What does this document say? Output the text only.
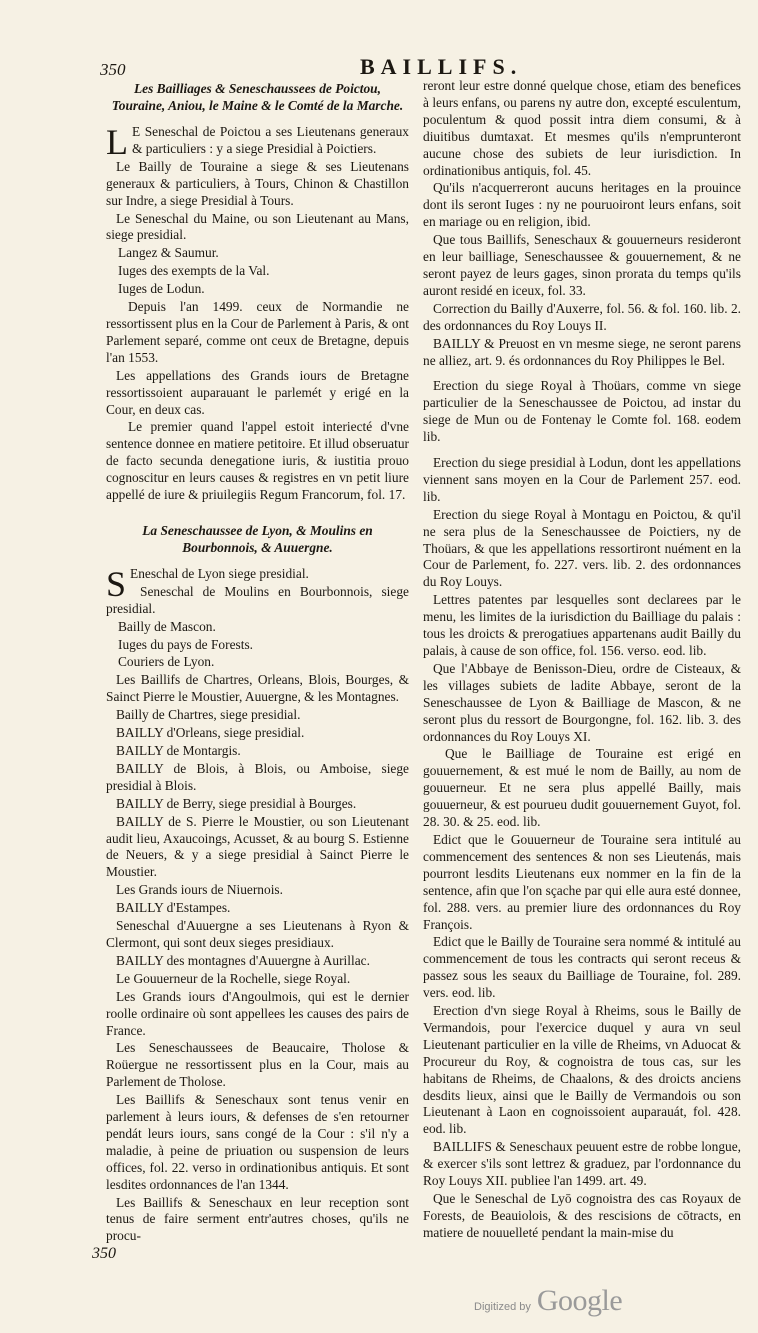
350	BAILLIFS.
Les Bailliages & Seneschaussees de Poictou, Touraine, Aniou, le Maine & le Comté de la Marche.

LE Seneschal de Poictou a ses Lieutenans generaux & particuliers : y a siege Presidial à Poictiers.

Le Bailly de Touraine a siege & ses Lieutenans generaux & particuliers, à Tours, Chinon & Chastillon sur Indre, a siege Presidial à Tours.

Le Seneschal du Maine, ou son Lieutenant au Mans, siege presidial.

Langez & Saumur.

Iuges des exempts de la Val.

Iuges de Lodun.

Depuis l'an 1499. ceux de Normandie ne ressortissent plus en la Cour de Parlement à Paris, & ont Parlement separé, comme ont ceux de Bretagne, depuis l'an 1553.

Les appellations des Grands iours de Bretagne ressortissoient auparauant le parlemét y erigé en la Cour, en deux cas.

Le premier quand l'appel estoit interiecté d'vne sentence donnee en matiere petitoire. Et illud obseruatur de facto secunda denegatione iuris, & iustitia prouo cognoscitur en leurs causes & registres en vn petit liure appellé de iure & priuilegiis Regum Francorum, fol. 17.

La Seneschaussee de Lyon, & Moulins en Bourbonnois, & Auuergne.

SEneschal de Lyon siege presidial.

Seneschal de Moulins en Bourbonnois, siege presidial.

Bailly de Mascon.

Iuges du pays de Forests.

Couriers de Lyon.

Les Baillifs de Chartres, Orleans, Blois, Bourges, & Sainct Pierre le Moustier, Auuergne, & les Montagnes.

Bailly de Chartres, siege presidial.

BAILLY d'Orleans, siege presidial.

BAILLY de Montargis.

BAILLY de Blois, à Blois, ou Amboise, siege presidial à Blois.

BAILLY de Berry, siege presidial à Bourges.

BAILLY de S. Pierre le Moustier, ou son Lieutenant audit lieu, Axaucoings, Acusset, & au bourg S. Estienne de Neuers, & y a siege presidial à Sainct Pierre le Moustier.

Les Grands iours de Niuernois.

BAILLY d'Estampes.

Seneschal d'Auuergne a ses Lieutenans à Ryon & Clermont, qui sont deux sieges presidiaux.

BAILLY des montagnes d'Auuergne à Aurillac.

Le Gouuerneur de la Rochelle, siege Royal.

Les Grands iours d'Angoulmois, qui est le dernier roolle ordinaire où sont appellees les causes des pairs de France.

Les Seneschaussees de Beaucaire, Tholose & Roüergue ne ressortissent plus en la Cour, mais au Parlement de Tholose.

Les Baillifs & Seneschaux sont tenus venir en parlement à leurs iours, & defenses de s'en retourner pendát leurs iours, sans congé de la Cour : s'il n'y a maladie, à peine de priuation ou suspension de leurs offices, fol. 22. verso in ordinationibus antiquis. Et sont lesdites ordonnances de l'an 1344.

Les Baillifs & Seneschaux en leur reception sont tenus de faire serment entr'autres choses, qu'ils ne procu-

reront leur estre donné quelque chose, etiam des benefices à leurs enfans, ou parens ny autre don, excepté esculentum, poculentum & quod possit intra diem consumi, & à diuitibus dumtaxat. Et mesmes qu'ils n'emprunteront aucune chose des subiets de leur iurisdiction. In ordinationibus antiquis, fol. 45.

Qu'ils n'acquerreront aucuns heritages en la prouince dont ils seront Iuges : ny ne pouruoiront leurs enfans, soit en mariage ou en religion, ibid.

Que tous Baillifs, Seneschaux & gouuerneurs resideront en leur bailliage, Seneschaussee & gouuernement, & ne seront payez de leurs gages, sinon prorata du temps qu'ils auront residé en iceux, fol. 33.

Correction du Bailly d'Auxerre, fol. 56. & fol. 160. lib. 2. des ordonnances du Roy Louys II.

BAILLY & Preuost en vn mesme siege, ne seront parens ne alliez, art. 9. és ordonnances du Roy Philippes le Bel.

Erection du siege Royal à Thoüars, comme vn siege particulier de la Seneschaussee de Poictou, ad instar du siege de Mun ou de Fontenay le Comte fol. 168. eodem lib.

Erection du siege presidial à Lodun, dont les appellations viennent sans moyen en la Cour de Parlement 257. eod. lib.

Erection du siege Royal à Montagu en Poictou, & qu'il ne sera plus de la Seneschaussee de Poictiers, ny de Thoüars, & que les appellations ressortiront nuément en la Cour de Parlement, fo. 227. vers. lib. 2. des ordonnances du Roy Louys.

Lettres patentes par lesquelles sont declarees par le menu, les limites de la iurisdiction du Bailliage du palais : tous les droicts & prerogatiues appartenans audit Bailly du palais, à cause de son office, fol. 156. verso. eod. lib.

Que l'Abbaye de Benisson-Dieu, ordre de Cisteaux, & les villages subiets de ladite Abbaye, seront de la Seneschaussee de Lyon & Bailliage de Mascon, & ne seront plus du ressort de Bourgongne, fol. 162. lib. 3. des ordonnances du Roy Louys XI.

Que le Bailliage de Touraine est erigé en gouuernement, & est mué le nom de Bailly, au nom de gouuerneur. Et ne sera plus appellé Bailly, mais gouuerneur, & est pourueu dudit gouuernement Guyot, fol. 28. 30. & 25. eod. lib.

Edict que le Gouuerneur de Touraine sera intitulé au commencement des sentences & non ses Lieutenás, mais pourront lesdits Lieutenans eux nommer en la fin de la sentence, afin que l'on sçache par qui elle aura esté donnee, fol. 288. vers. au premier liure des ordonnances du Roy François.

Edict que le Bailly de Touraine sera nommé & intitulé au commencement de tous les contracts qui seront receus & passez sous les seaux du Bailliage de Touraine, fol. 289. vers. eod. lib.

Erection d'vn siege Royal à Rheims, sous le Bailly de Vermandois, pour l'exercice duquel y aura vn seul Lieutenant particulier en la ville de Rheims, vn Aduocat & Procureur du Roy, & cognoistra de tous cas, sur les habitans de Rheims, de Chaalons, & des droicts anciens desdits lieux, ainsi que le Bailly de Vermandois ou son Lieutenant à Laon en cognoissoient auparauát, fol. 428. eod. lib.

BAILLIFS & Seneschaux peuuent estre de robbe longue, & exercer s'ils sont lettrez & graduez, par l'ordonnance du Roy Louys XII. publiee l'an 1499. art. 49.

Que le Seneschal de Lyō cognoistra des cas Royaux de Forests, de Beauiolois, & des rescisions de cōtracts, en matiere de nouuelleté pendant la main-mise du

350
Digitized by Google
